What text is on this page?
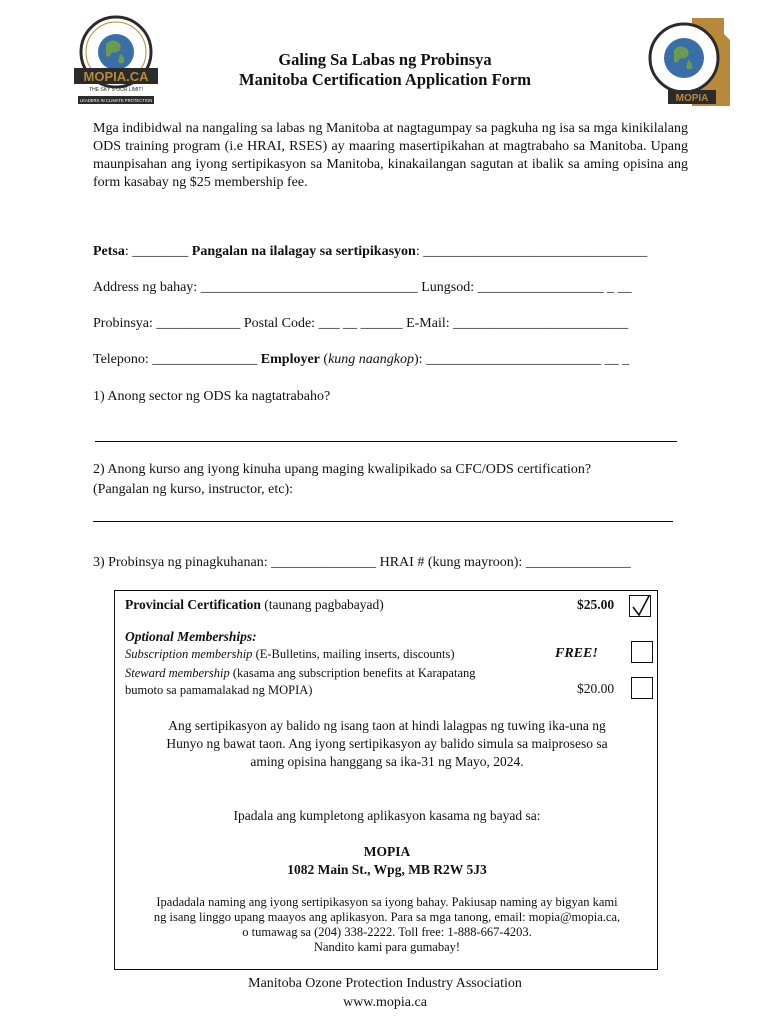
MOPIA.CA
THE SKY'S OUR LIMIT!
LEADERS IN CLIMATE PROTECTION	MOPIA
Galing Sa Labas ng Probinsya
Manitoba Certification Application Form
Mga indibidwal na nangaling sa labas ng Manitoba at nagtagumpay sa pagkuha ng isa sa mga kinikilalang ODS training program (i.e HRAI, RSES) ay maaring masertipikahan at magtrabaho sa Manitoba. Upang maunpisahan ang iyong sertipikasyon sa Manitoba, kinakailangan sagutan at ibalik sa aming opisina ang form kasabay ng $25 membership fee.
Petsa: ________ Pangalan na ilalagay sa sertipikasyon: ________________________________
Address ng bahay: _______________________________ Lungsod: __________________ _ __
Probinsya: ____________ Postal Code: ___ __ ______ E-Mail: _________________________
Telepono: _______________ Employer (kung naangkop): _________________________ __ _
1) Anong sector ng ODS ka nagtatrabaho?
2) Anong kurso ang iyong kinuha upang maging kwalipikado sa CFC/ODS certification?
(Pangalan ng kurso, instructor, etc):
3) Probinsya ng pinagkuhanan: _______________ HRAI # (kung mayroon): _______________
Provincial Certification (taunang pagbabayad)	$25.00
Optional Memberships:
Subscription membership (E-Bulletins, mailing inserts, discounts)	FREE!
Steward membership (kasama ang subscription benefits at Karapatang
bumoto sa pamamalakad ng MOPIA)	$20.00
Ang sertipikasyon ay balido ng isang taon at hindi lalagpas ng tuwing ika-una ng
Hunyo ng bawat taon. Ang iyong sertipikasyon ay balido simula sa maiproseso sa
aming opisina hanggang sa ika-31 ng Mayo, 2024.
Ipadala ang kumpletong aplikasyon kasama ng bayad sa:
MOPIA
1082 Main St., Wpg, MB R2W 5J3
Ipadadala naming ang iyong sertipikasyon sa iyong bahay. Pakiusap naming ay bigyan kami
ng isang linggo upang maayos ang aplikasyon. Para sa mga tanong, email: mopia@mopia.ca,
o tumawag sa (204) 338-2222. Toll free: 1-888-667-4203.
Nandito kami para gumabay!
Manitoba Ozone Protection Industry Association
www.mopia.ca
